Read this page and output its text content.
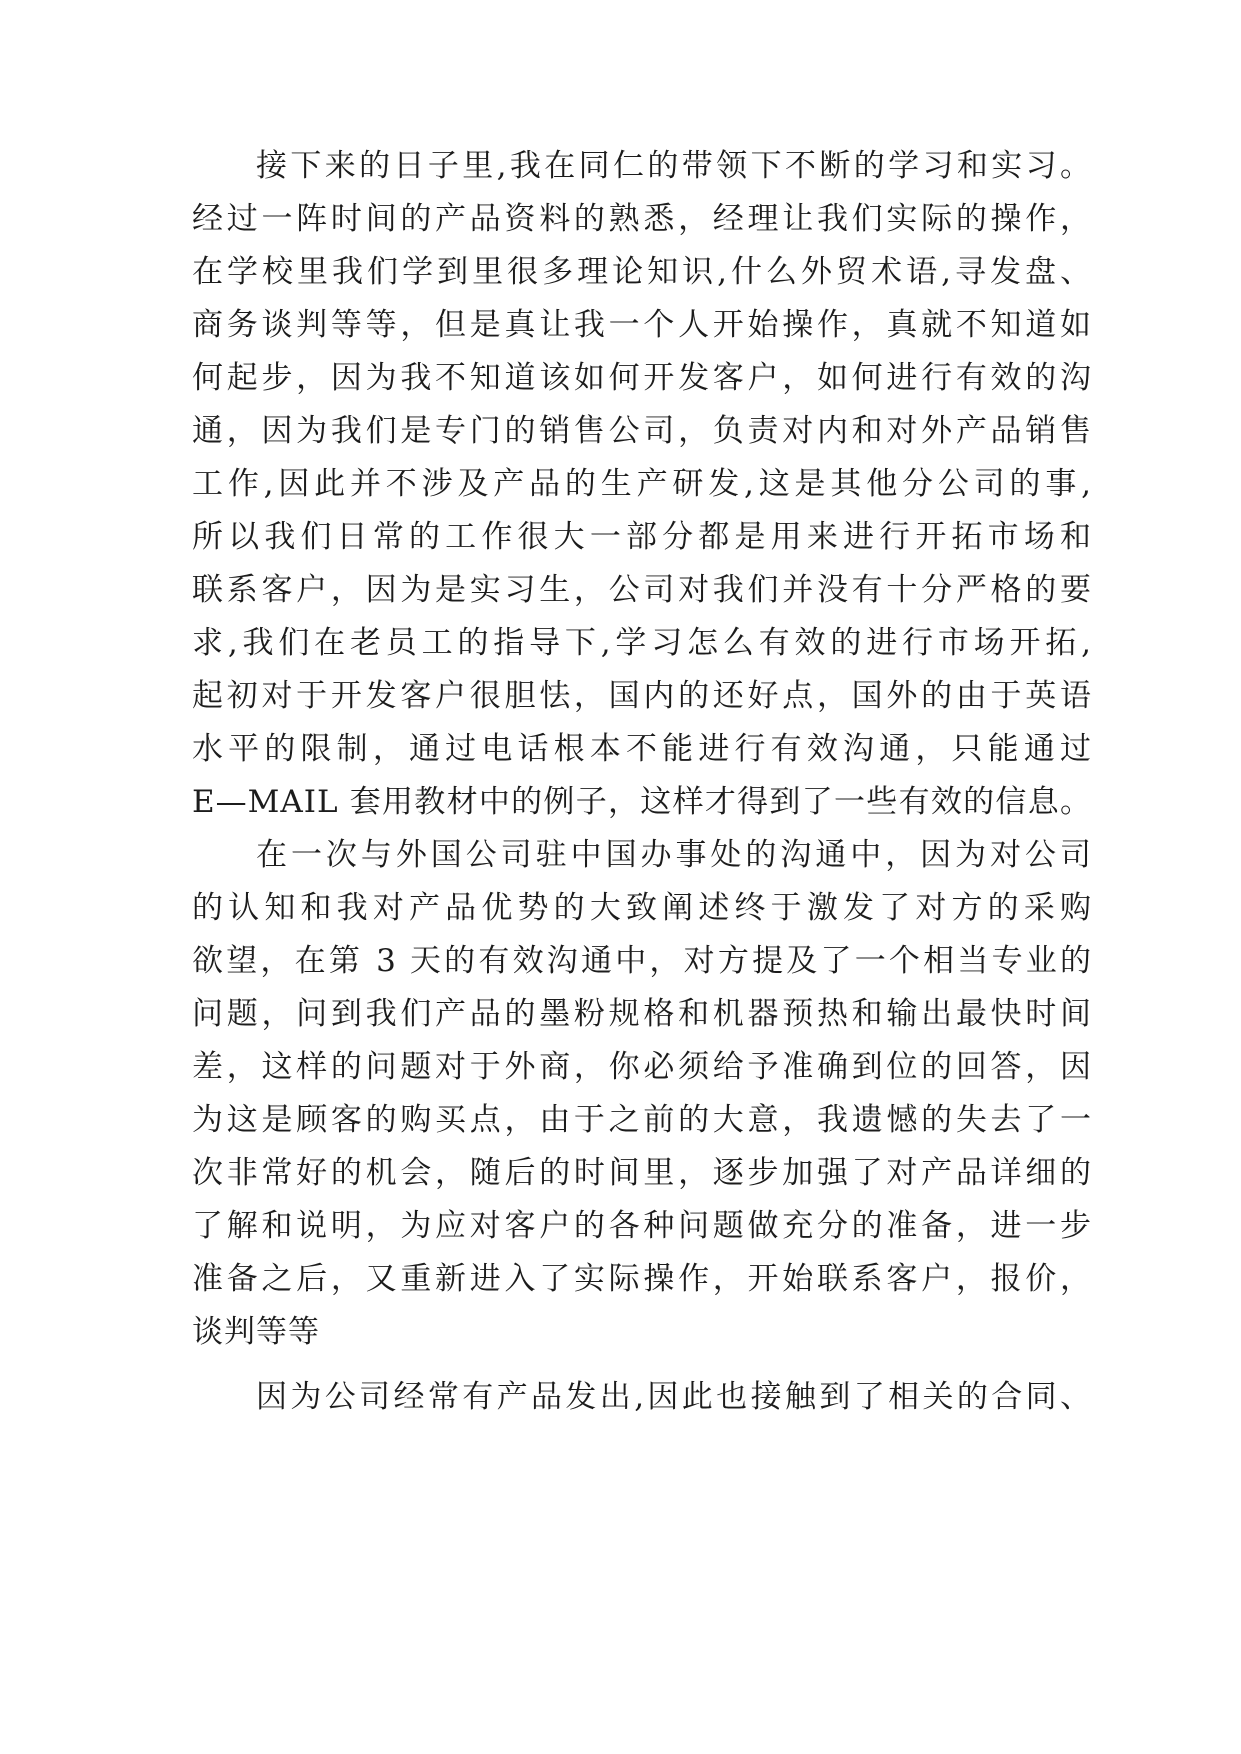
接下来的日子里,我在同仁的带领下不断的学习和实习。
经过一阵时间的产品资料的熟悉，经理让我们实际的操作，
在学校里我们学到里很多理论知识,什么外贸术语,寻发盘、
商务谈判等等，但是真让我一个人开始操作，真就不知道如
何起步，因为我不知道该如何开发客户，如何进行有效的沟
通，因为我们是专门的销售公司，负责对内和对外产品销售
工作,因此并不涉及产品的生产研发,这是其他分公司的事,
所以我们日常的工作很大一部分都是用来进行开拓市场和
联系客户，因为是实习生，公司对我们并没有十分严格的要
求,我们在老员工的指导下,学习怎么有效的进行市场开拓,
起初对于开发客户很胆怯，国内的还好点，国外的由于英语
水平的限制，通过电话根本不能进行有效沟通，只能通过
E—MAIL 套用教材中的例子，这样才得到了一些有效的信息。
在一次与外国公司驻中国办事处的沟通中，因为对公司
的认知和我对产品优势的大致阐述终于激发了对方的采购
欲望，在第 3 天的有效沟通中，对方提及了一个相当专业的
问题，问到我们产品的墨粉规格和机器预热和输出最快时间
差，这样的问题对于外商，你必须给予准确到位的回答，因
为这是顾客的购买点，由于之前的大意，我遗憾的失去了一
次非常好的机会，随后的时间里，逐步加强了对产品详细的
了解和说明，为应对客户的各种问题做充分的准备，进一步
准备之后，又重新进入了实际操作，开始联系客户，报价，
谈判等等
因为公司经常有产品发出,因此也接触到了相关的合同、
